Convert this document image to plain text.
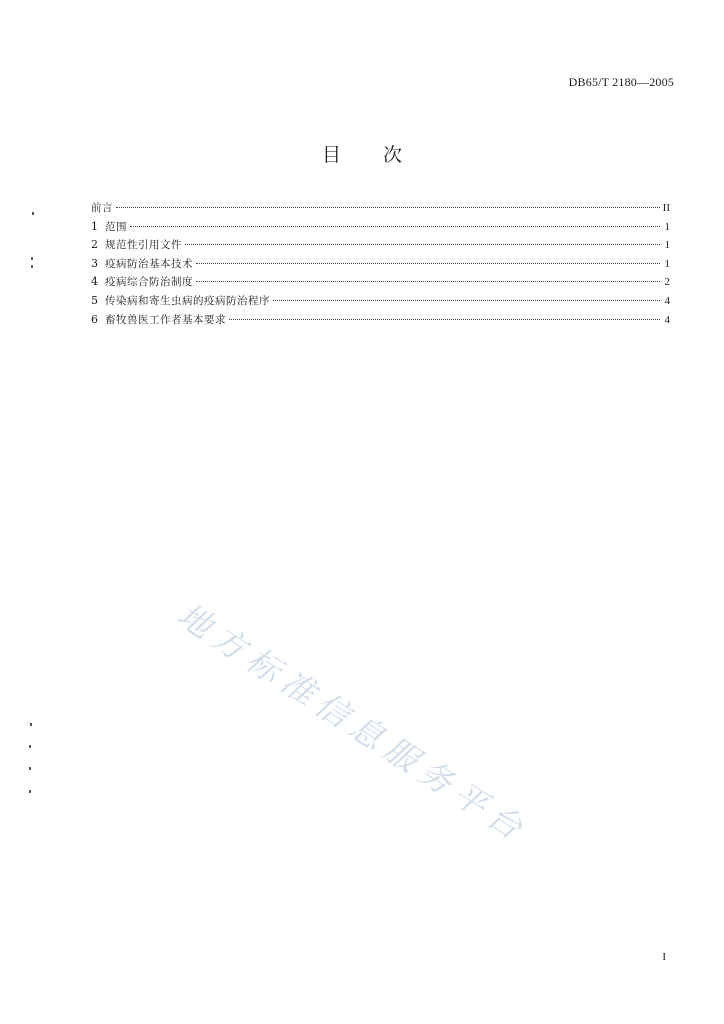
DB65/T 2180—2005
目 次
前言	II
1 范围	1
2 规范性引用文件	1
3 疫病防治基本技术	1
4 疫病综合防治制度	2
5 传染病和寄生虫病的疫病防治程序	4
6 畜牧兽医工作者基本要求	4
地方标准信息服务平台
I
